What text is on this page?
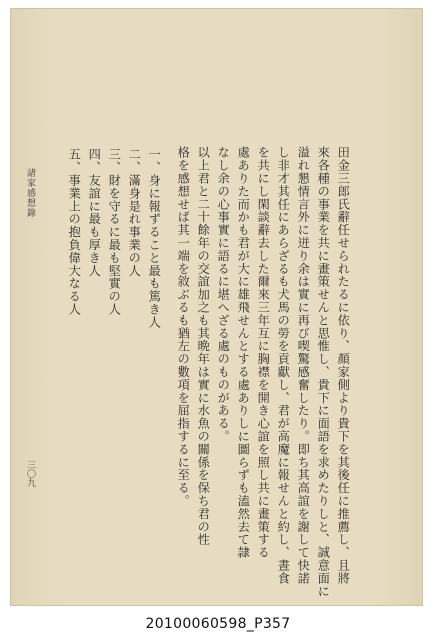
田金三郎氏辭任せられたるに依り、顏家側より貴下を其後任に推薦し、且將
來各種の事業を共に畫策せんと思惟し、貴下に面語を求めたりしと、誠意面に
溢れ懇情言外に迸り余は實に再び喫驚感奮したり。即ち其高誼を謝して快諾
し非才其任にあらざるも犬馬の勞を貢獻し、君が高魔に報せんと約し、晝食
を共にし閑談辭去した爾來三年互に胸襟を開き心誼を照し共に畫策する
處ありた而かも君が大に雄飛せんとする處ありしに圖らずも溘然去て隷
なし余の心事實に語るに堪へざる處のものがある。
以上君と二十餘年の交誼加之も其晩年は實に水魚の關係を保ち君の性
格を感想せば其一端を敘ぶるも猶左の數項を屈指するに至る。
一、身に報ずること最も篤き人
二、滿身是れ事業の人
三、財を守るに最も堅實の人
四、友誼に最も厚き人
五、事業上の抱負偉大なる人
諸家感想錄
三〇九
20100060598_P357
